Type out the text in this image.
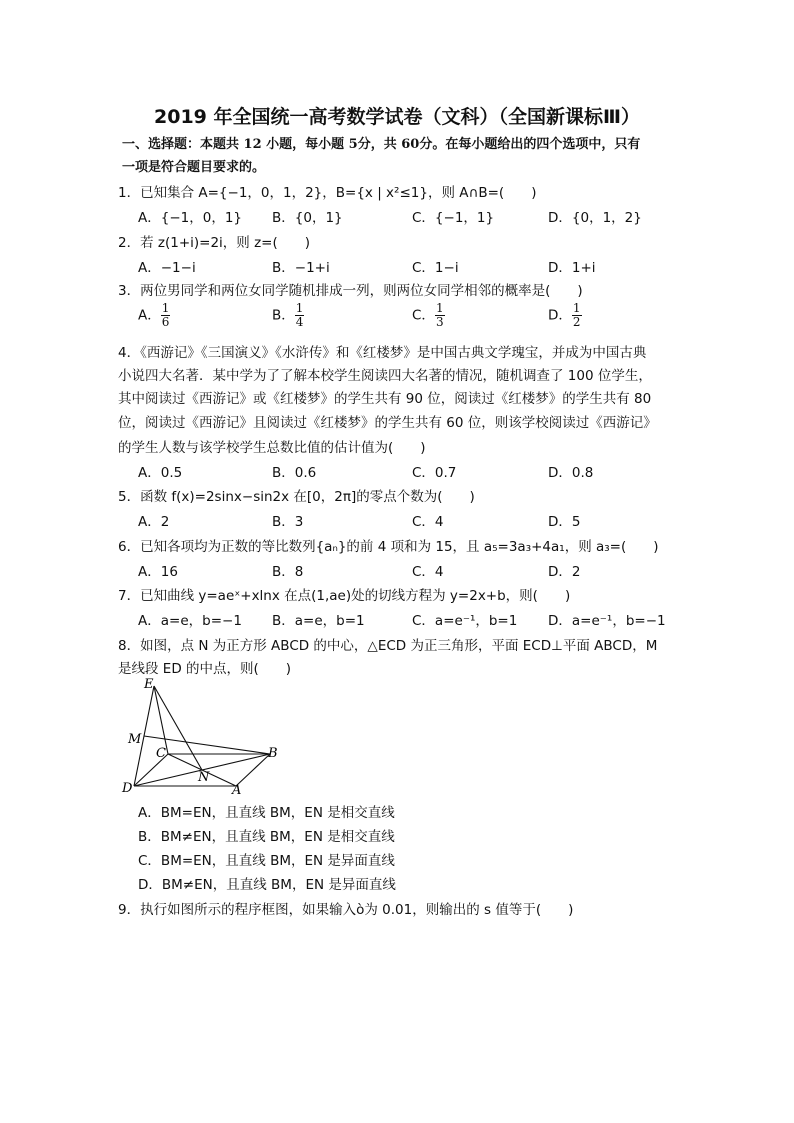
2019 年全国统一高考数学试卷（文科）（全国新课标Ⅲ）
一、选择题：本题共 12 小题，每小题 5分，共 60分。在每小题给出的四个选项中，只有
一项是符合题目要求的。
1．已知集合 A={−1，0，1，2}，B={x | x²≤1}，则 A∩B=(　　)
A．{−1，0，1} B．{0，1}	C．{−1，1}	D．{0，1，2}
2．若 z(1+i)=2i，则 z=(　　)
A．−1−i	B．−1+i	C．1−i	D．1+i
3．两位男同学和两位女同学随机排成一列，则两位女同学相邻的概率是(　　)
A． $\frac{1}{6}$	B． $\frac{1}{4}$	C． $\frac{1}{3}$	D． $\frac{1}{2}$
4．《西游记》《三国演义》《水浒传》和《红楼梦》是中国古典文学瑰宝，并成为中国古典
小说四大名著．某中学为了了解本校学生阅读四大名著的情况，随机调查了 100 位学生，
其中阅读过《西游记》或《红楼梦》的学生共有 90 位，阅读过《红楼梦》的学生共有 80
位，阅读过《西游记》且阅读过《红楼梦》的学生共有 60 位，则该学校阅读过《西游记》
的学生人数与该学校学生总数比值的估计值为(　　)
A．0.5	B．0.6	C．0.7	D．0.8
5．函数 f(x)=2sinx−sin2x 在[0，2π]的零点个数为(　　)
A．2	B．3	C．4	D．5
6．已知各项均为正数的等比数列{aₙ}的前 4 项和为 15，且 a₅=3a₃+4a₁，则 a₃=(　　)
A．16	B．8	C．4	D．2
7．已知曲线 y=aeˣ+xlnx 在点(1,ae)处的切线方程为 y=2x+b，则(　　)
A．a=e，b=−1 B．a=e，b=1	C．a=e⁻¹，b=1 D．a=e⁻¹，b=−1
8．如图，点 N 为正方形 ABCD 的中心，△ECD 为正三角形，平面 ECD⊥平面 ABCD，M
是线段 ED 的中点，则(　　)
E
M
C	B
N
D	A
A．BM=EN，且直线 BM，EN 是相交直线
B．BM≠EN，且直线 BM，EN 是相交直线
C．BM=EN，且直线 BM，EN 是异面直线
D．BM≠EN，且直线 BM，EN 是异面直线
9．执行如图所示的程序框图，如果输入ò为 0.01，则输出的 s 值等于(　　)
